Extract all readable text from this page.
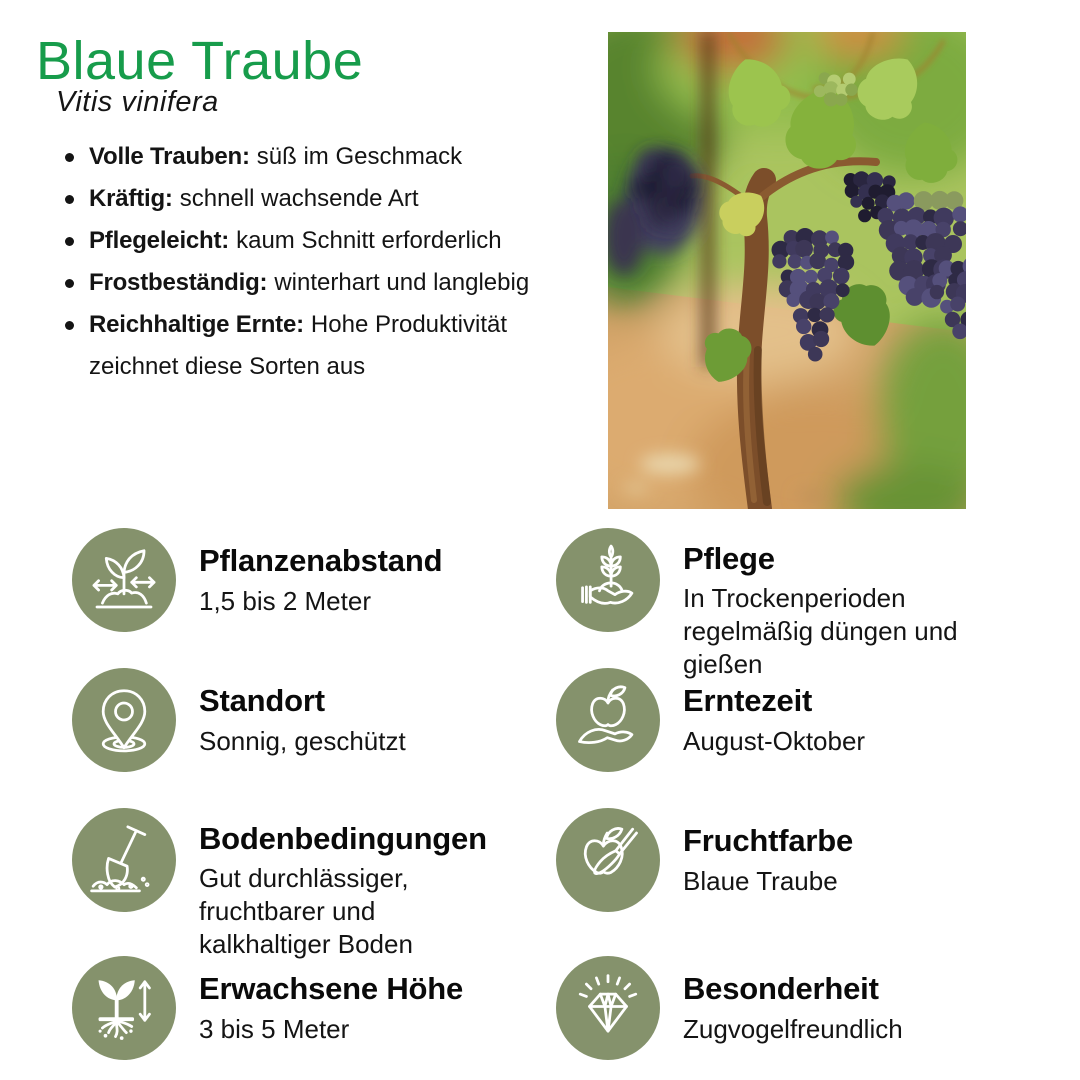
Blaue Traube
Vitis vinifera
Volle Trauben: süß im Geschmack
Kräftig: schnell wachsende Art
Pflegeleicht: kaum Schnitt erforderlich
Frostbeständig: winterhart und langlebig
Reichhaltige Ernte: Hohe Produktivität zeichnet diese Sorten aus
Pflanzenabstand

1,5 bis 2 Meter

Pflege

In Trockenperioden regelmäßig düngen und gießen

Standort

Sonnig, geschützt

Erntezeit

August-Oktober

Bodenbedingungen

Gut durchlässiger, fruchtbarer und kalkhaltiger Boden

Fruchtfarbe

Blaue Traube

Erwachsene Höhe

3 bis 5 Meter

Besonderheit

Zugvogelfreundlich
